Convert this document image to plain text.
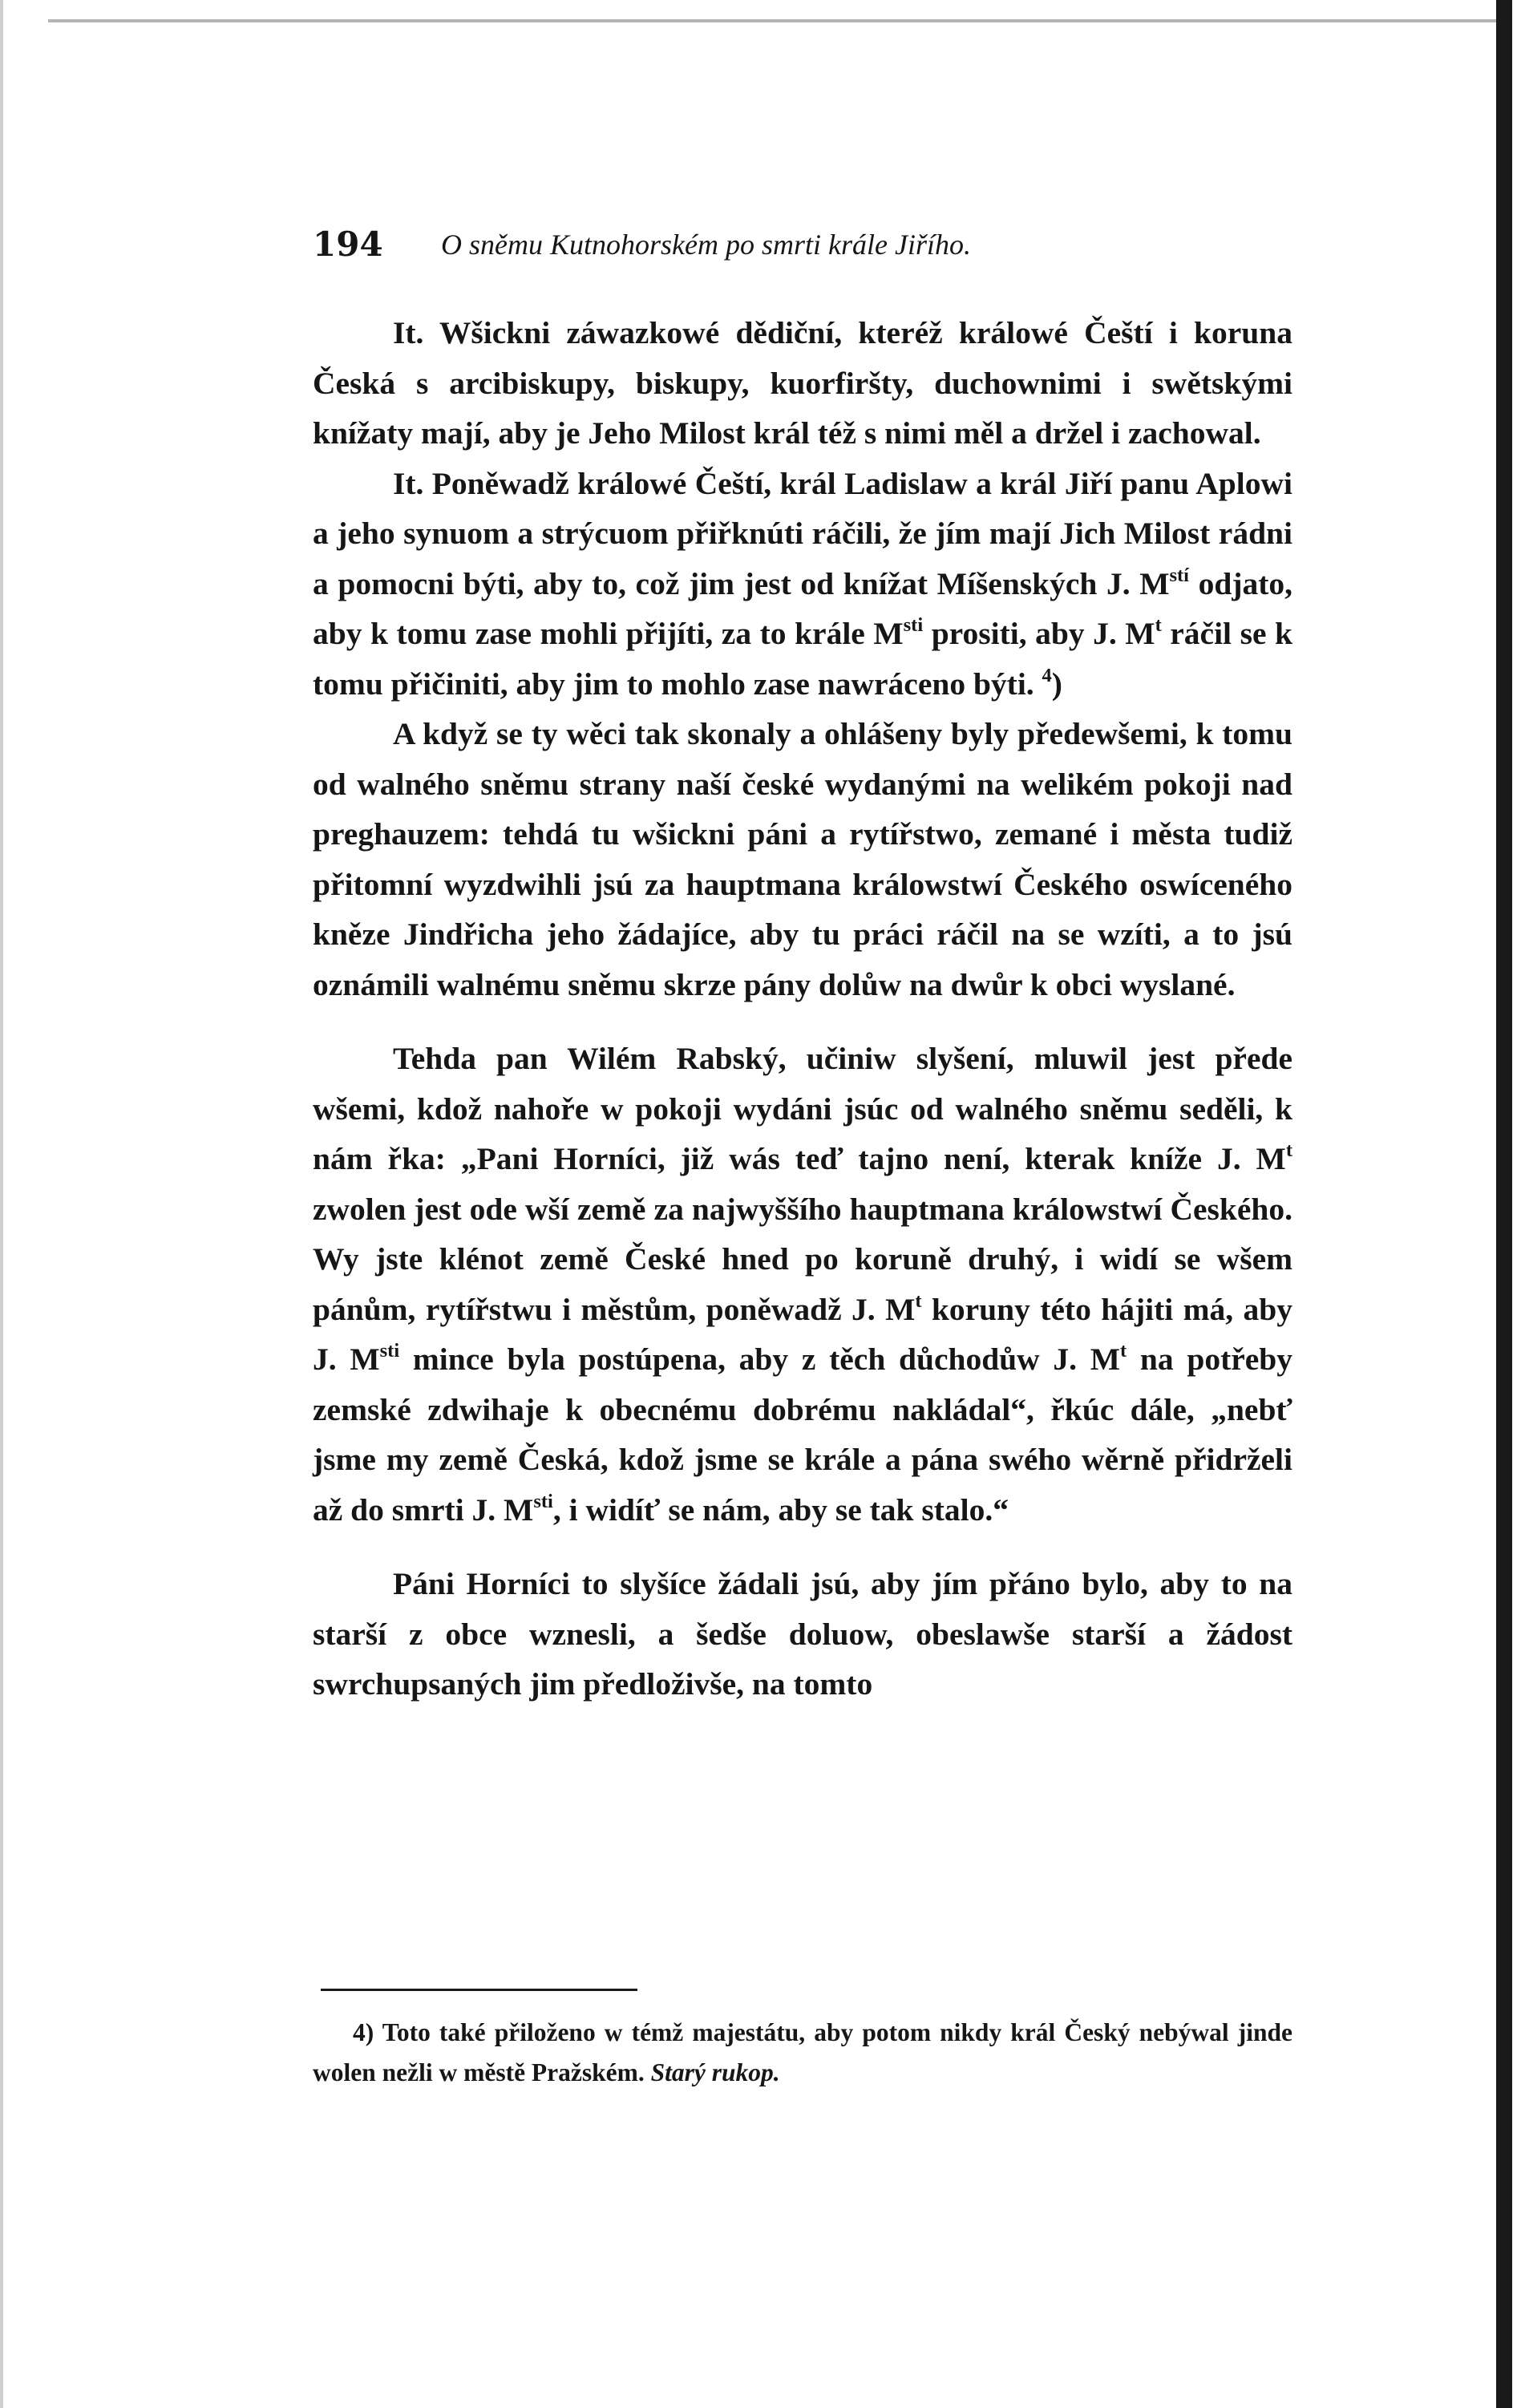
194 O sněmu Kutnohorském po smrti krále Jiřího.

It. Wšickni záwazkowé dědiční, kteréž králowé Čeští i koruna Česká s arcibiskupy, biskupy, kuorfiršty, duchownimi i swětskými knížaty mají, aby je Jeho Milost král též s nimi měl a držel i zachowal.

It. Poněwadž králowé Čeští, král Ladislaw a král Jiří panu Aplowi a jeho synuom a strýcuom přiřknúti ráčili, že jím mají Jich Milost rádni a pomocni býti, aby to, což jim jest od knížat Míšenských J. $M^{stí}$ odjato, aby k tomu zase mohli přijíti, za to krále $M^{sti}$ prositi, aby J. $M^t$ ráčil se k tomu přičiniti, aby jim to mohlo zase nawráceno býti. $^4$)

A když se ty wěci tak skonaly a ohlášeny byly předewšemi, k tomu od walného sněmu strany naší české wydanými na welikém pokoji nad preghauzem: tehdá tu wšickni páni a rytířstwo, zemané i města tudiž přitomní wyzdwihli jsú za hauptmana králowstwí Českého oswíceného kněze Jindřicha jeho žádajíce, aby tu práci ráčil na se wzíti, a to jsú oznámili walnému sněmu skrze pány dolůw na dwůr k obci wyslané.

Tehda pan Wilém Rabský, učiniw slyšení, mluwil jest přede wšemi, kdož nahoře w pokoji wydáni jsúc od walného sněmu seděli, k nám řka: „Pani Horníci, již wás teď tajno není, kterak kníže J. $M^t$ zwolen jest ode wší země za najwyššího hauptmana králowstwí Českého. Wy jste klénot země České hned po koruně druhý, i widí se wšem pánům, rytířstwu i městům, poněwadž J. $M^t$ koruny této hájiti má, aby J. $M^{sti}$ mince byla postúpena, aby z těch důchodůw J. $M^t$ na potřeby zemské zdwihaje k obecnému dobrému nakládal“, řkúc dále, „nebť jsme my země Česká, kdož jsme se krále a pána swého wěrně přidrželi až do smrti J. $M^{sti}$, i widíť se nám, aby se tak stalo.“

Páni Horníci to slyšíce žádali jsú, aby jím přáno bylo, aby to na starší z obce wznesli, a šedše doluow, obeslawše starší a žádost swrchupsaných jim předloživše, na tomto

4) Toto také přiloženo w témž majestátu, aby potom nikdy král Český nebýwal jinde wolen nežli w městě Pražském. Starý rukop.
